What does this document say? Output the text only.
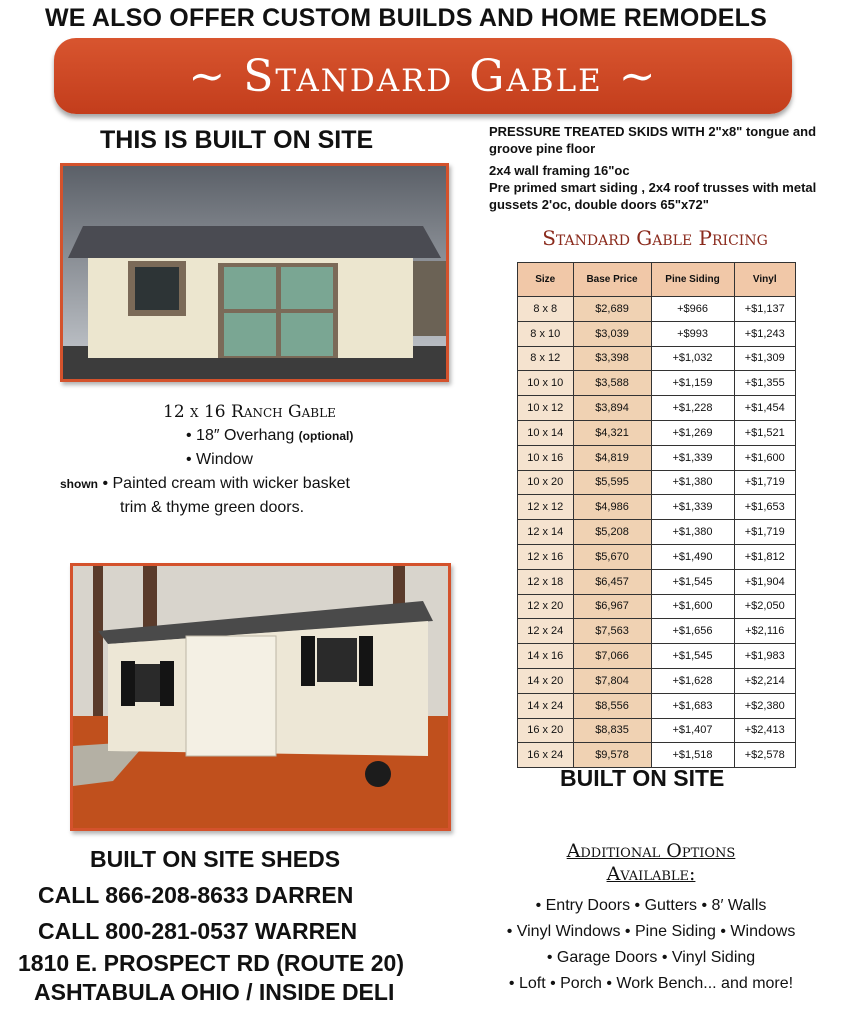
WE ALSO OFFER CUSTOM BUILDS AND HOME REMODELS
~ Standard Gable ~
THIS IS BUILT ON SITE	PRESSURE TREATED SKIDS WITH 2"x8" tongue and groove pine floor

2x4 wall framing 16"oc

Pre primed smart siding , 2x4 roof trusses with metal gussets 2'oc, double doors 65"x72"

Standard Gable Pricing
12 x 16 Ranch Gable
• 18″ Overhang (optional)
• Window
shown • Painted cream with wicker basket
trim & thyme green doors.
Size	Base Price	Pine Siding	Vinyl
8 x 8	$2,689	+$966	+$1,137
8 x 10	$3,039	+$993	+$1,243
8 x 12	$3,398	+$1,032	+$1,309
10 x 10	$3,588	+$1,159	+$1,355
10 x 12	$3,894	+$1,228	+$1,454
10 x 14	$4,321	+$1,269	+$1,521
10 x 16	$4,819	+$1,339	+$1,600
10 x 20	$5,595	+$1,380	+$1,719
12 x 12	$4,986	+$1,339	+$1,653
12 x 14	$5,208	+$1,380	+$1,719
12 x 16	$5,670	+$1,490	+$1,812
12 x 18	$6,457	+$1,545	+$1,904
12 x 20	$6,967	+$1,600	+$2,050
12 x 24	$7,563	+$1,656	+$2,116
14 x 16	$7,066	+$1,545	+$1,983
14 x 20	$7,804	+$1,628	+$2,214
14 x 24	$8,556	+$1,683	+$2,380
16 x 20	$8,835	+$1,407	+$2,413
16 x 24	$9,578	+$1,518	+$2,578
BUILT ON SITE
BUILT ON SITE SHEDS
CALL 866-208-8633 DARREN
CALL 800-281-0537 WARREN
1810 E. PROSPECT RD (ROUTE 20)
ASHTABULA OHIO / INSIDE DELI
Additional Options
Available:
• Entry Doors • Gutters • 8′ Walls
• Vinyl Windows • Pine Siding • Windows
• Garage Doors • Vinyl Siding
• Loft • Porch • Work Bench... and more!
